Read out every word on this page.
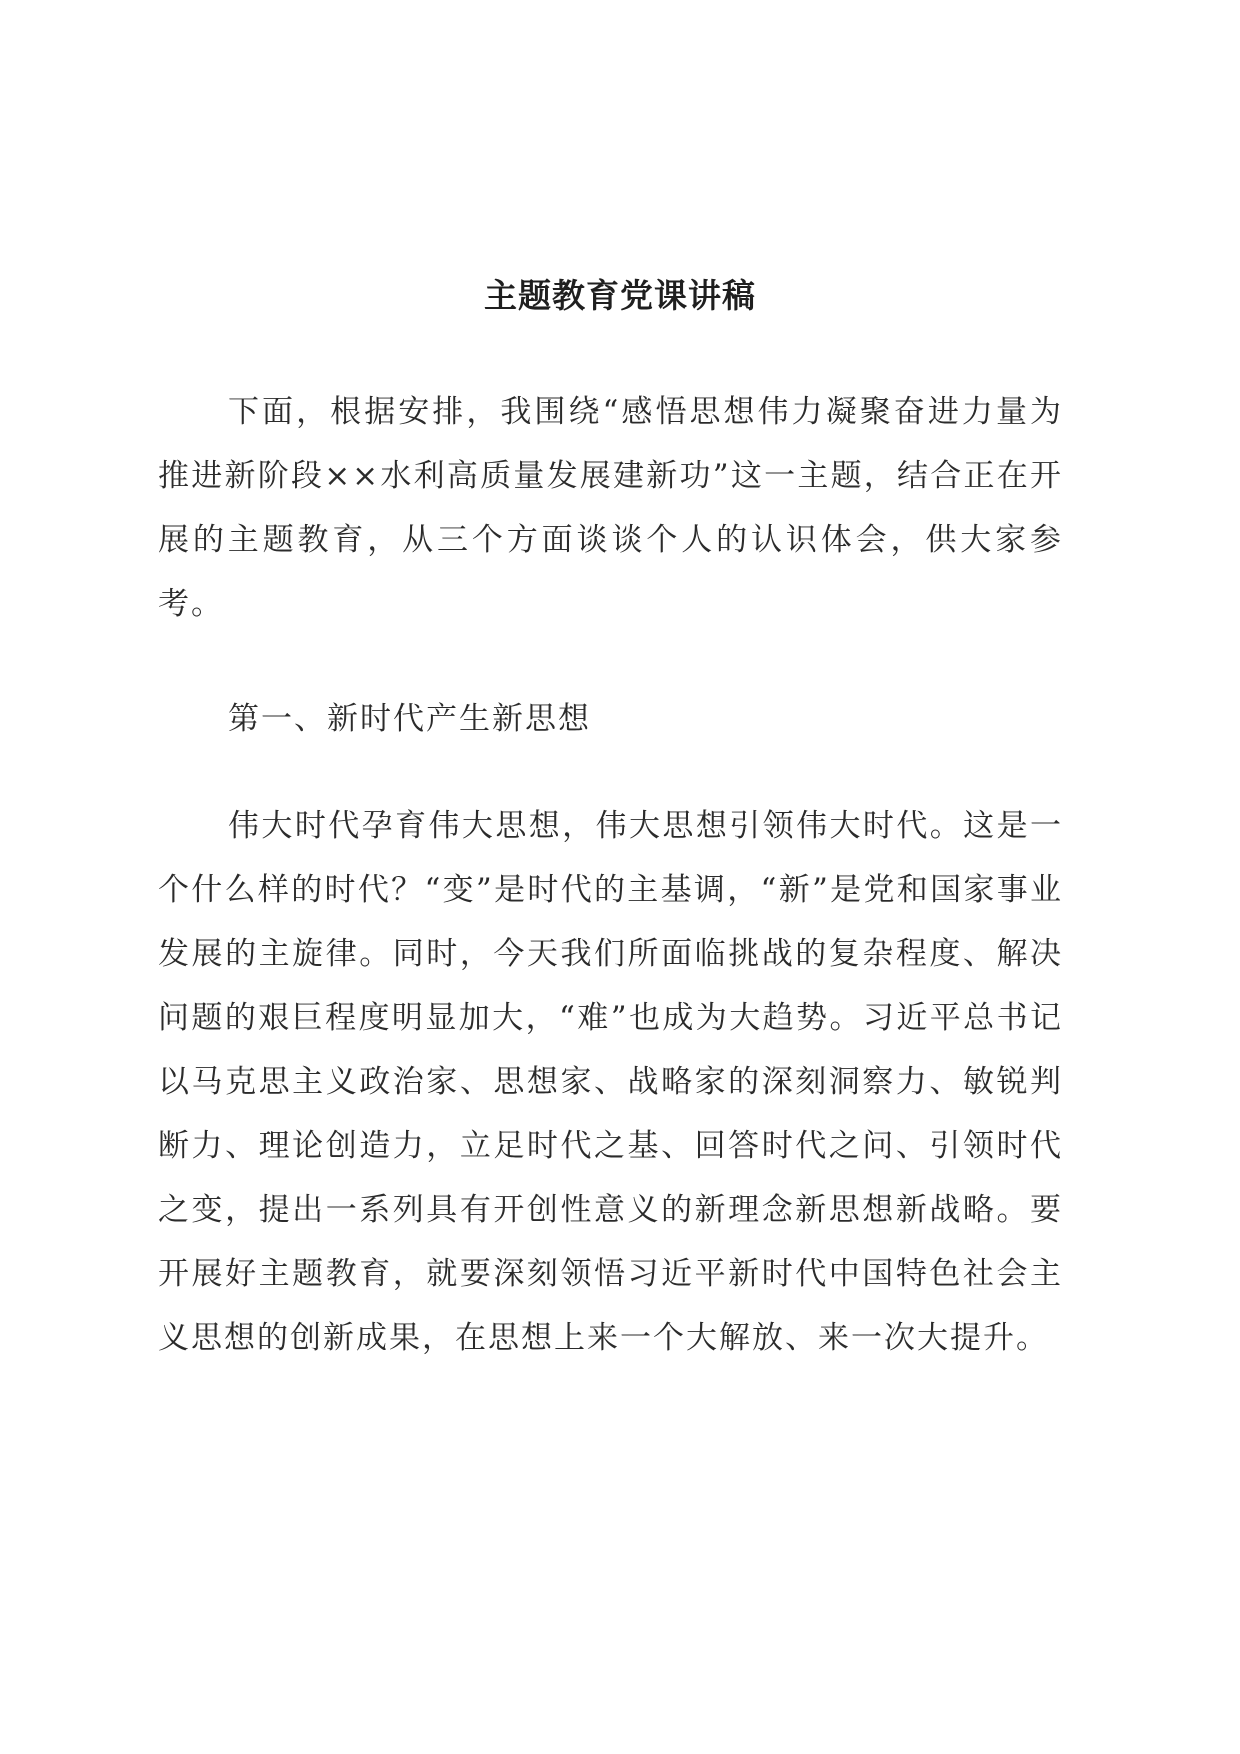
主题教育党课讲稿

下面，根据安排，我围绕“感悟思想伟力凝聚奋进力量为推进新阶段××水利高质量发展建新功”这一主题，结合正在开展的主题教育，从三个方面谈谈个人的认识体会，供大家参考。

第一、新时代产生新思想

伟大时代孕育伟大思想，伟大思想引领伟大时代。这是一个什么样的时代？“变”是时代的主基调，“新”是党和国家事业发展的主旋律。同时，今天我们所面临挑战的复杂程度、解决问题的艰巨程度明显加大，“难”也成为大趋势。习近平总书记以马克思主义政治家、思想家、战略家的深刻洞察力、敏锐判断力、理论创造力，立足时代之基、回答时代之问、引领时代之变，提出一系列具有开创性意义的新理念新思想新战略。要开展好主题教育，就要深刻领悟习近平新时代中国特色社会主义思想的创新成果，在思想上来一个大解放、来一次大提升。
